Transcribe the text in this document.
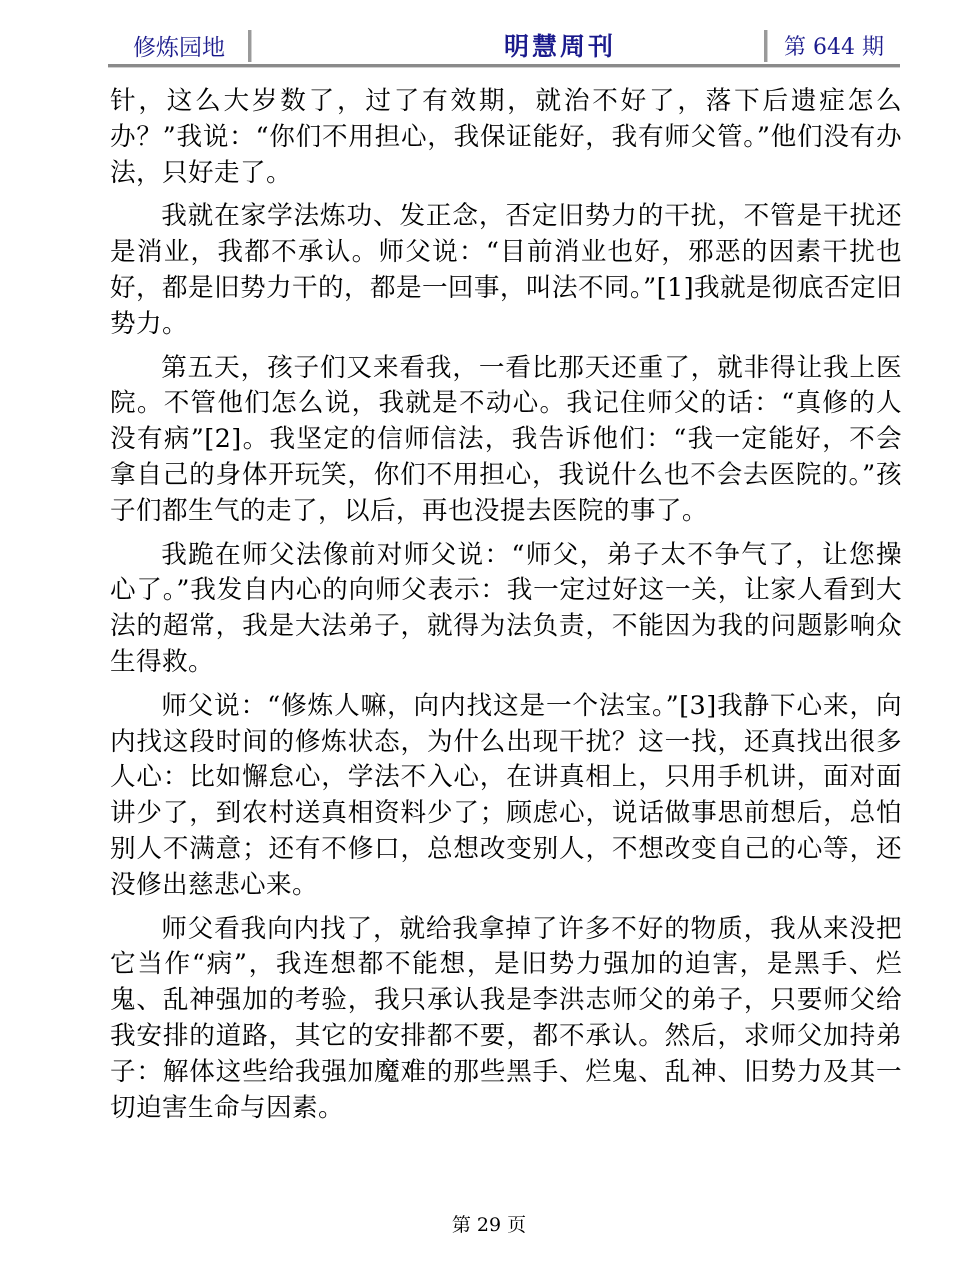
修炼园地	明慧周刊	第 644 期

针，这么大岁数了，过了有效期，就治不好了，落下后遗症怎么办？”我说：“你们不用担心，我保证能好，我有师父管。”他们没有办法，只好走了。

我就在家学法炼功、发正念，否定旧势力的干扰，不管是干扰还是消业，我都不承认。师父说：“目前消业也好，邪恶的因素干扰也好，都是旧势力干的，都是一回事，叫法不同。”[1]我就是彻底否定旧势力。

第五天，孩子们又来看我，一看比那天还重了，就非得让我上医院。不管他们怎么说，我就是不动心。我记住师父的话：“真修的人没有病”[2]。我坚定的信师信法，我告诉他们：“我一定能好，不会拿自己的身体开玩笑，你们不用担心，我说什么也不会去医院的。”孩子们都生气的走了，以后，再也没提去医院的事了。

我跪在师父法像前对师父说：“师父，弟子太不争气了，让您操心了。”我发自内心的向师父表示：我一定过好这一关，让家人看到大法的超常，我是大法弟子，就得为法负责，不能因为我的问题影响众生得救。

师父说：“修炼人嘛，向内找这是一个法宝。”[3]我静下心来，向内找这段时间的修炼状态，为什么出现干扰？这一找，还真找出很多人心：比如懈怠心，学法不入心，在讲真相上，只用手机讲，面对面讲少了，到农村送真相资料少了；顾虑心，说话做事思前想后，总怕别人不满意；还有不修口，总想改变别人，不想改变自己的心等，还没修出慈悲心来。

师父看我向内找了，就给我拿掉了许多不好的物质，我从来没把它当作“病”，我连想都不能想，是旧势力强加的迫害，是黑手、烂鬼、乱神强加的考验，我只承认我是李洪志师父的弟子，只要师父给我安排的道路，其它的安排都不要，都不承认。然后，求师父加持弟子：解体这些给我强加魔难的那些黑手、烂鬼、乱神、旧势力及其一切迫害生命与因素。

第 29 页
